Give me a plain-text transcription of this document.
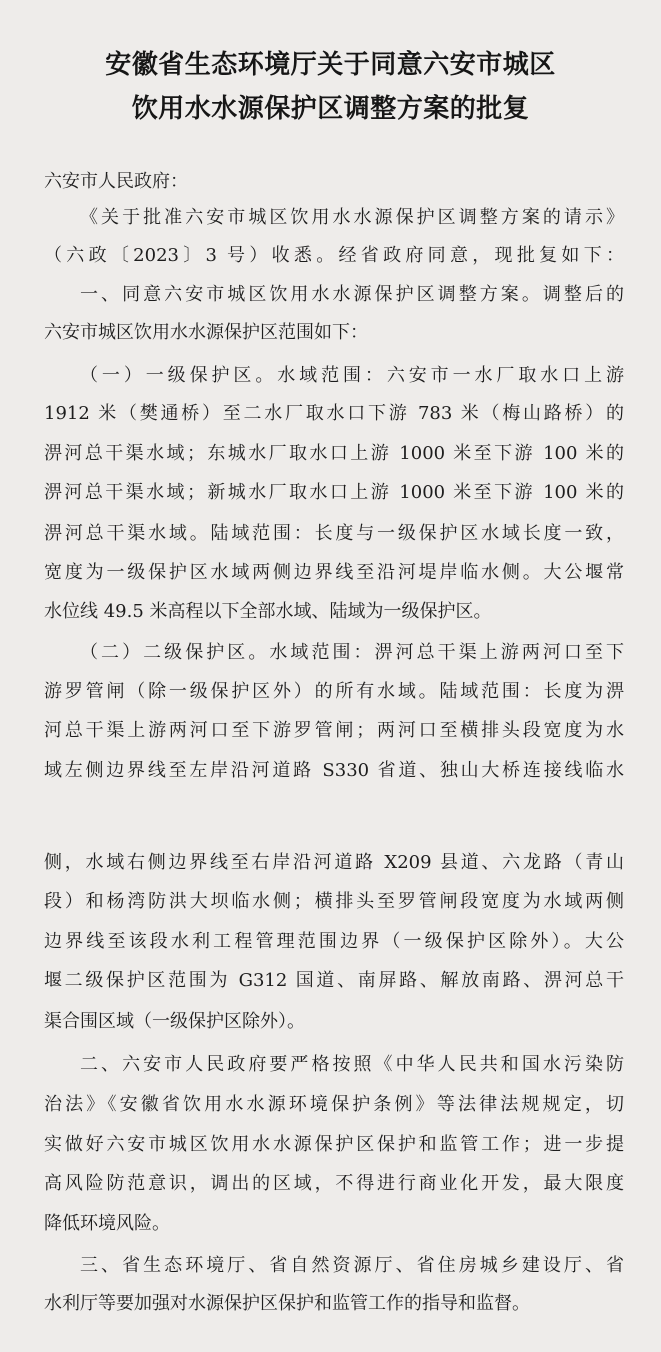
安徽省生态环境厅关于同意六安市城区
饮用水水源保护区调整方案的批复
六安市人民政府：
《关于批准六安市城区饮用水水源保护区调整方案的请示》
（六政〔2023〕3 号）收悉。经省政府同意，现批复如下：
一、同意六安市城区饮用水水源保护区调整方案。调整后的
六安市城区饮用水水源保护区范围如下：
（一）一级保护区。水域范围：六安市一水厂取水口上游
1912 米（樊通桥）至二水厂取水口下游 783 米（梅山路桥）的
淠河总干渠水域；东城水厂取水口上游 1000 米至下游 100 米的
淠河总干渠水域；新城水厂取水口上游 1000 米至下游 100 米的
淠河总干渠水域。陆域范围：长度与一级保护区水域长度一致，
宽度为一级保护区水域两侧边界线至沿河堤岸临水侧。大公堰常
水位线 49.5 米高程以下全部水域、陆域为一级保护区。
（二）二级保护区。水域范围：淠河总干渠上游两河口至下
游罗管闸（除一级保护区外）的所有水域。陆域范围：长度为淠
河总干渠上游两河口至下游罗管闸；两河口至横排头段宽度为水
域左侧边界线至左岸沿河道路 S330 省道、独山大桥连接线临水
侧，水域右侧边界线至右岸沿河道路 X209 县道、六龙路（青山
段）和杨湾防洪大坝临水侧；横排头至罗管闸段宽度为水域两侧
边界线至该段水利工程管理范围边界（一级保护区除外）。大公
堰二级保护区范围为 G312 国道、南屏路、解放南路、淠河总干
渠合围区域（一级保护区除外）。
二、六安市人民政府要严格按照《中华人民共和国水污染防
治法》《安徽省饮用水水源环境保护条例》等法律法规规定，切
实做好六安市城区饮用水水源保护区保护和监管工作；进一步提
高风险防范意识，调出的区域，不得进行商业化开发，最大限度
降低环境风险。
三、省生态环境厅、省自然资源厅、省住房城乡建设厅、省
水利厅等要加强对水源保护区保护和监管工作的指导和监督。
